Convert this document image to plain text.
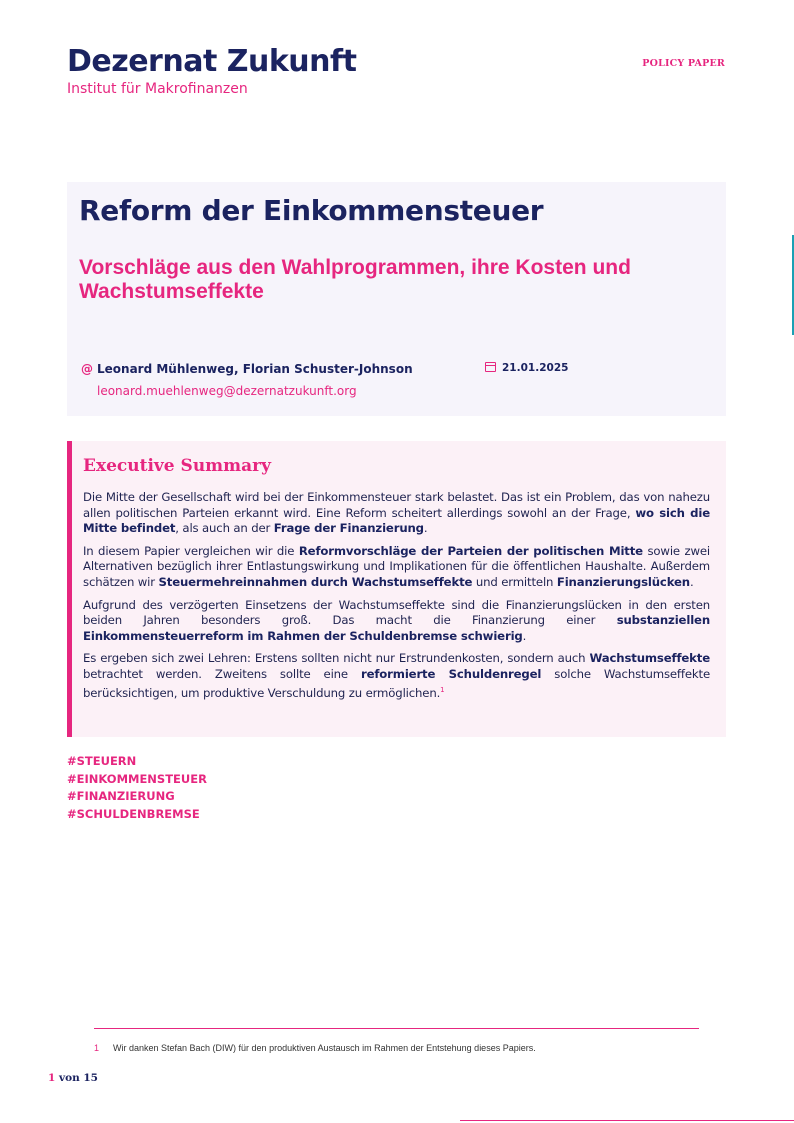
Dezernat Zukunft
Institut für Makrofinanzen
POLICY PAPER
Reform der Einkommensteuer
Vorschläge aus den Wahlprogrammen, ihre Kosten und Wachstumseffekte
@ Leonard Mühlenweg, Florian Schuster-Johnson
leonard.muehlenweg@dezernatzukunft.org
21.01.2025
Executive Summary

Die Mitte der Gesellschaft wird bei der Einkommensteuer stark belastet. Das ist ein Problem, das von nahezu allen politischen Parteien erkannt wird. Eine Reform scheitert allerdings sowohl an der Frage, wo sich die Mitte befindet, als auch an der Frage der Finanzierung.

In diesem Papier vergleichen wir die Reformvorschläge der Parteien der politischen Mitte sowie zwei Alternativen bezüglich ihrer Entlastungswirkung und Implikationen für die öffentlichen Haushalte. Außerdem schätzen wir Steuermehreinnahmen durch Wachstumseffekte und ermitteln Finanzierungslücken.

Aufgrund des verzögerten Einsetzens der Wachstumseffekte sind die Finanzierungslücken in den ersten beiden Jahren besonders groß. Das macht die Finanzierung einer substanziellen Einkommensteuerreform im Rahmen der Schuldenbremse schwierig.

Es ergeben sich zwei Lehren: Erstens sollten nicht nur Erstrundenkosten, sondern auch Wachstumseffekte betrachtet werden. Zweitens sollte eine reformierte Schuldenregel solche Wachstumseffekte berücksichtigen, um produktive Verschuldung zu ermöglichen.$^1$

#STEUERN
#EINKOMMENSTEUER
#FINANZIERUNG
#SCHULDENBREMSE
1 Wir danken Stefan Bach (DIW) für den produktiven Austausch im Rahmen der Entstehung dieses Papiers.
1 von 15
